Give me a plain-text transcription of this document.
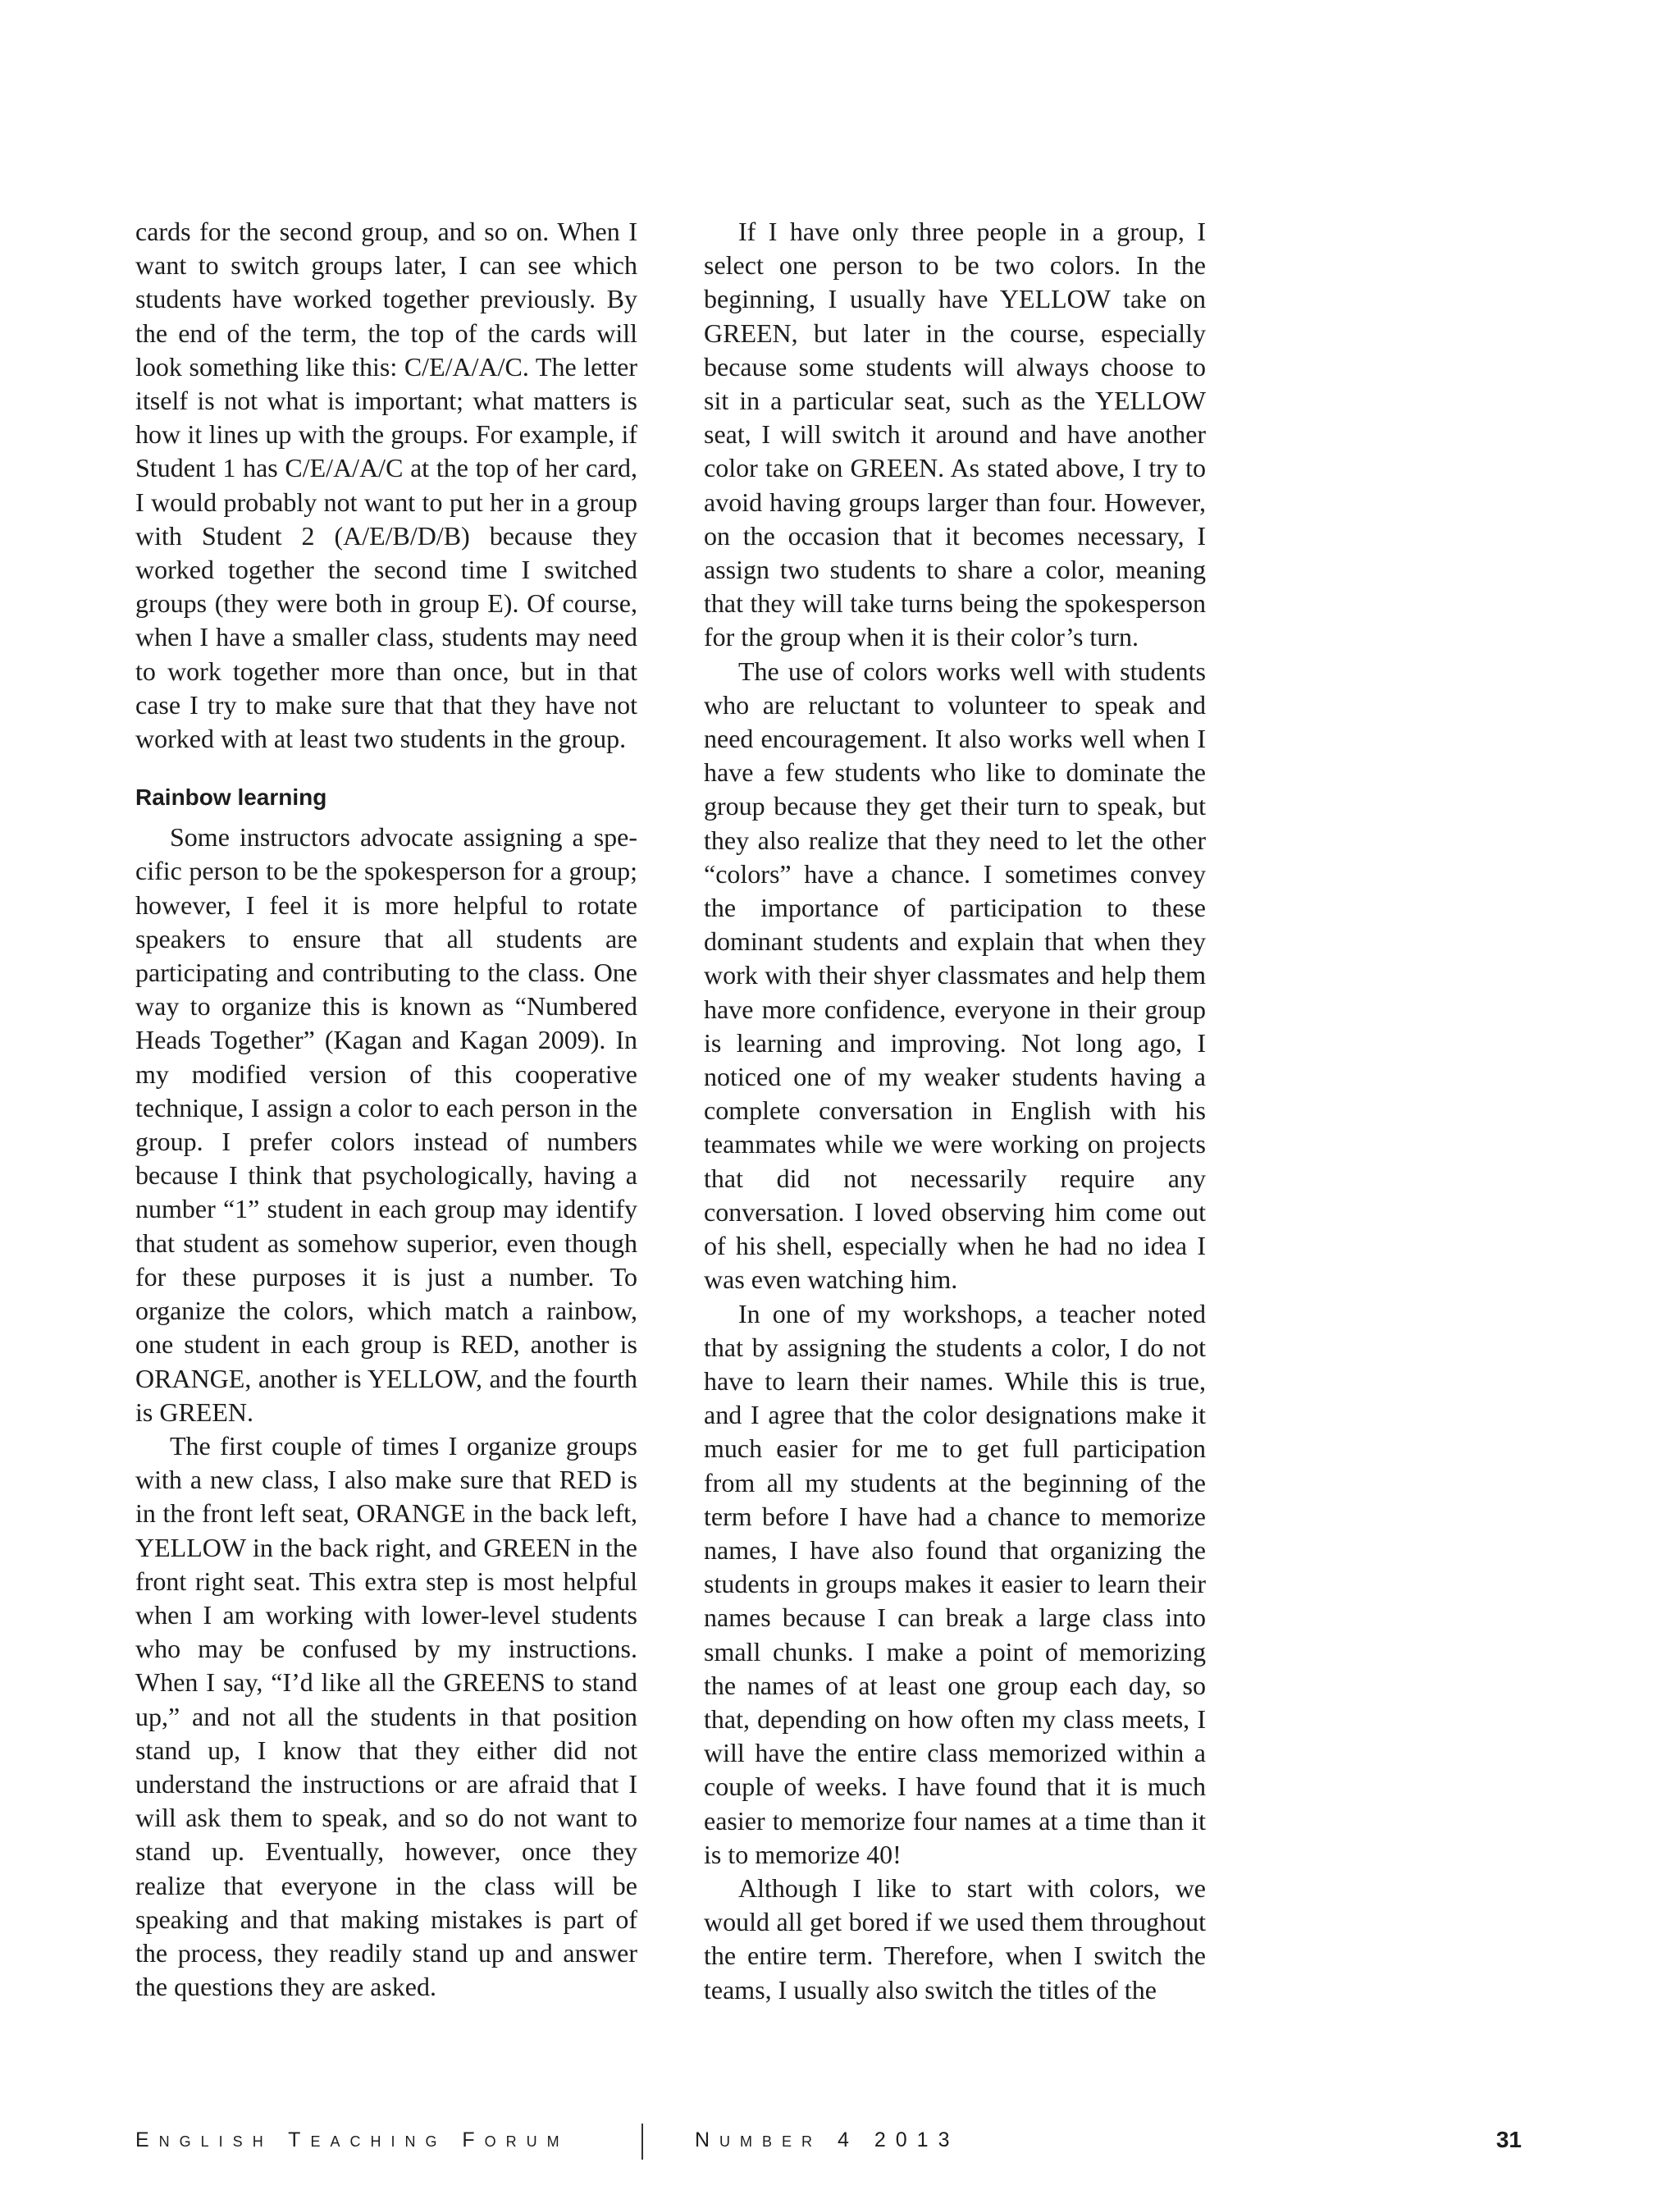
cards for the second group, and so on. When I want to switch groups later, I can see which students have worked together previously. By the end of the term, the top of the cards will look something like this: C/E/A/A/C. The letter itself is not what is important; what matters is how it lines up with the groups. For example, if Student 1 has C/E/A/A/C at the top of her card, I would probably not want to put her in a group with Student 2 (A/E/B/D/B) because they worked together the second time I switched groups (they were both in group E). Of course, when I have a smaller class, students may need to work together more than once, but in that case I try to make sure that that they have not worked with at least two students in the group.

Rainbow learning

Some instructors advocate assigning a specific person to be the spokesperson for a group; however, I feel it is more helpful to rotate speakers to ensure that all students are participating and contributing to the class. One way to organize this is known as “Numbered Heads Together” (Kagan and Kagan 2009). In my modified version of this cooperative technique, I assign a color to each person in the group. I prefer colors instead of numbers because I think that psychologically, having a number “1” student in each group may identify that student as somehow superior, even though for these purposes it is just a number. To organize the colors, which match a rainbow, one student in each group is RED, another is ORANGE, another is YELLOW, and the fourth is GREEN.

The first couple of times I organize groups with a new class, I also make sure that RED is in the front left seat, ORANGE in the back left, YELLOW in the back right, and GREEN in the front right seat. This extra step is most helpful when I am working with lower-level students who may be confused by my instructions. When I say, “I’d like all the GREENS to stand up,” and not all the students in that position stand up, I know that they either did not understand the instructions or are afraid that I will ask them to speak, and so do not want to stand up. Eventually, however, once they realize that everyone in the class will be speaking and that making mistakes is part of the process, they readily stand up and answer the questions they are asked.

If I have only three people in a group, I select one person to be two colors. In the beginning, I usually have YELLOW take on GREEN, but later in the course, especially because some students will always choose to sit in a particular seat, such as the YELLOW seat, I will switch it around and have another color take on GREEN. As stated above, I try to avoid having groups larger than four. However, on the occasion that it becomes necessary, I assign two students to share a color, meaning that they will take turns being the spokesperson for the group when it is their color’s turn.

The use of colors works well with students who are reluctant to volunteer to speak and need encouragement. It also works well when I have a few students who like to dominate the group because they get their turn to speak, but they also realize that they need to let the other “colors” have a chance. I sometimes convey the importance of participation to these dominant students and explain that when they work with their shyer classmates and help them have more confidence, everyone in their group is learning and improving. Not long ago, I noticed one of my weaker students having a complete conversation in English with his teammates while we were working on projects that did not necessarily require any conversation. I loved observing him come out of his shell, especially when he had no idea I was even watching him.

In one of my workshops, a teacher noted that by assigning the students a color, I do not have to learn their names. While this is true, and I agree that the color designations make it much easier for me to get full participation from all my students at the beginning of the term before I have had a chance to memorize names, I have also found that organizing the students in groups makes it easier to learn their names because I can break a large class into small chunks. I make a point of memorizing the names of at least one group each day, so that, depending on how often my class meets, I will have the entire class memorized within a couple of weeks. I have found that it is much easier to memorize four names at a time than it is to memorize 40!

Although I like to start with colors, we would all get bored if we used them throughout the entire term. Therefore, when I switch the teams, I usually also switch the titles of the

English Teaching Forum	Number 4 2013	31
